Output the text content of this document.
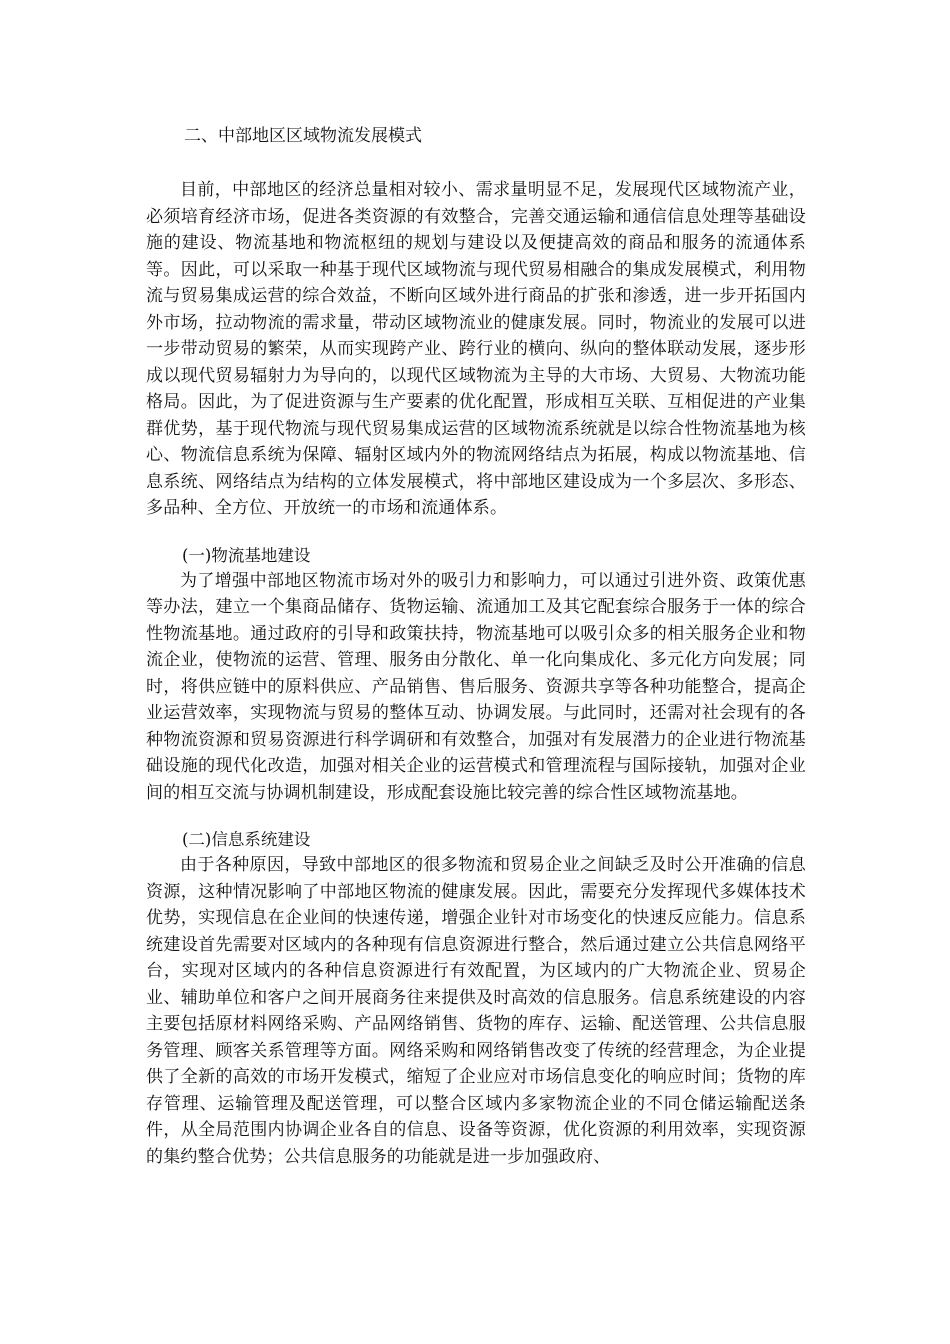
二、中部地区区域物流发展模式

目前，中部地区的经济总量相对较小、需求量明显不足，发展现代区域物流产业，必须培育经济市场，促进各类资源的有效整合，完善交通运输和通信信息处理等基础设施的建设、物流基地和物流枢纽的规划与建设以及便捷高效的商品和服务的流通体系等。因此，可以采取一种基于现代区域物流与现代贸易相融合的集成发展模式，利用物流与贸易集成运营的综合效益，不断向区域外进行商品的扩张和渗透，进一步开拓国内外市场，拉动物流的需求量，带动区域物流业的健康发展。同时，物流业的发展可以进一步带动贸易的繁荣，从而实现跨产业、跨行业的横向、纵向的整体联动发展，逐步形成以现代贸易辐射力为导向的，以现代区域物流为主导的大市场、大贸易、大物流功能格局。因此，为了促进资源与生产要素的优化配置，形成相互关联、互相促进的产业集群优势，基于现代物流与现代贸易集成运营的区域物流系统就是以综合性物流基地为核心、物流信息系统为保障、辐射区域内外的物流网络结点为拓展，构成以物流基地、信息系统、网络结点为结构的立体发展模式，将中部地区建设成为一个多层次、多形态、多品种、全方位、开放统一的市场和流通体系。

(一)物流基地建设

为了增强中部地区物流市场对外的吸引力和影响力，可以通过引进外资、政策优惠等办法，建立一个集商品储存、货物运输、流通加工及其它配套综合服务于一体的综合性物流基地。通过政府的引导和政策扶持，物流基地可以吸引众多的相关服务企业和物流企业，使物流的运营、管理、服务由分散化、单一化向集成化、多元化方向发展；同时，将供应链中的原料供应、产品销售、售后服务、资源共享等各种功能整合，提高企业运营效率，实现物流与贸易的整体互动、协调发展。与此同时，还需对社会现有的各种物流资源和贸易资源进行科学调研和有效整合，加强对有发展潜力的企业进行物流基础设施的现代化改造，加强对相关企业的运营模式和管理流程与国际接轨，加强对企业间的相互交流与协调机制建设，形成配套设施比较完善的综合性区域物流基地。

(二)信息系统建设

由于各种原因，导致中部地区的很多物流和贸易企业之间缺乏及时公开准确的信息资源，这种情况影响了中部地区物流的健康发展。因此，需要充分发挥现代多媒体技术优势，实现信息在企业间的快速传递，增强企业针对市场变化的快速反应能力。信息系统建设首先需要对区域内的各种现有信息资源进行整合，然后通过建立公共信息网络平台，实现对区域内的各种信息资源进行有效配置，为区域内的广大物流企业、贸易企业、辅助单位和客户之间开展商务往来提供及时高效的信息服务。信息系统建设的内容主要包括原材料网络采购、产品网络销售、货物的库存、运输、配送管理、公共信息服务管理、顾客关系管理等方面。网络采购和网络销售改变了传统的经营理念，为企业提供了全新的高效的市场开发模式，缩短了企业应对市场信息变化的响应时间；货物的库存管理、运输管理及配送管理，可以整合区域内多家物流企业的不同仓储运输配送条件，从全局范围内协调企业各自的信息、设备等资源，优化资源的利用效率，实现资源的集约整合优势；公共信息服务的功能就是进一步加强政府、
